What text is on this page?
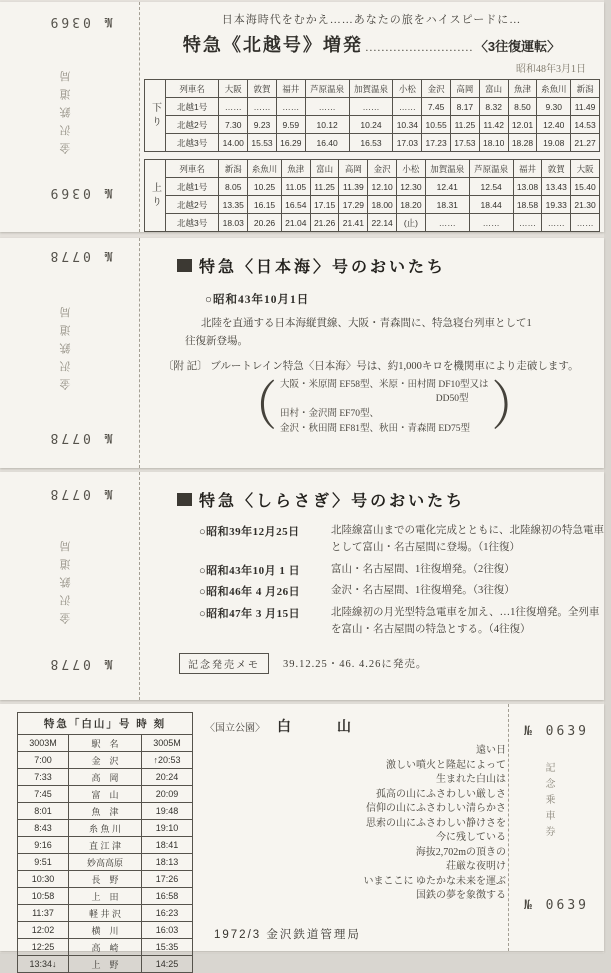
№ 0369
金沢鉄道局
№ 0369
日本海時代をむかえ……あなたの旅をハイスピードに…
特急《北越号》増発 ……………………… 〈3往復運転〉
昭和48年3月1日
下り
列車名	大阪	敦賀	福井	芦原温泉	加賀温泉	小松	金沢	高岡	富山	魚津	糸魚川	新潟
北越1号	……	……	……	……	……	……	7.45	8.17	8.32	8.50	9.30	11.49
北越2号	7.30	9.23	9.59	10.12	10.24	10.34	10.55	11.25	11.42	12.01	12.40	14.53
北越3号	14.00	15.53	16.29	16.40	16.53	17.03	17.23	17.53	18.10	18.28	19.08	21.27
上り
列車名	新潟	糸魚川	魚津	富山	高岡	金沢	小松	加賀温泉	芦原温泉	福井	敦賀	大阪
北越1号	8.05	10.25	11.05	11.25	11.39	12.10	12.30	12.41	12.54	13.08	13.43	15.40
北越2号	13.35	16.15	16.54	17.15	17.29	18.00	18.20	18.31	18.44	18.58	19.33	21.30
北越3号	18.03	20.26	21.04	21.26	21.41	22.14	(止)	……	……	……	……	……
№ 0778
金沢鉄道局
№ 0778
特急〈日本海〉号のおいたち
○昭和43年10月1日
北陸を直通する日本海縦貫線、大阪・青森間に、特急寝台列車として1往復新登場。
〔附 記〕 ブルートレイン特急〈日本海〉号は、約1,000キロを機関車により走破します。
（ 大阪・米原間 EF58型、米原・田村間 DF10型又は
DD50型
田村・金沢間 EF70型、
金沢・秋田間 EF81型、秋田・青森間 ED75型 ）
№ 0778
金沢鉄道局
№ 0778
特急〈しらさぎ〉号のおいたち
○昭和39年12月25日	北陸線富山までの電化完成とともに、北陸線初の特急電車として富山・名古屋間に登場。（1往復）
○昭和43年10月 1 日	富山・名古屋間、1往復増発。（2往復）
○昭和46年 4 月26日	金沢・名古屋間、1往復増発。（3往復）
○昭和47年 3 月15日	北陸線初の月光型特急電車を加え、…1往復増発。全列車を富山・名古屋間の特急とする。（4往復）
記念発売メモ	39.12.25・46. 4.26に発売。
特急「白山」号 時 刻		
3003M	駅　名	3005M
7:00	金　沢	↑20:53
7:33	高　岡	20:24
7:45	富　山	20:09
8:01	魚　津	19:48
8:43	糸 魚 川	19:10
9:16	直 江 津	18:41
9:51	妙高高原	18:13
10:30	長　野	17:26
10:58	上　田	16:58
11:37	軽 井 沢	16:23
12:02	横　川	16:03
12:25	高　崎	15:35
13:34↓	上　野	14:25
〈国立公園〉 白　　山
遠い日
激しい噴火と隆起によって
生まれた白山は
孤高の山にふさわしい厳しさ
信仰の山にふさわしい清らかさ
思索の山にふさわしい静けさを
今に残している
海抜2,702mの頂きの
荘厳な夜明け
いまここに ゆたかな未来を運ぶ
国鉄の夢を象徴する
1972/3 金沢鉄道管理局
№ 0639
記念乗車券
№ 0639
